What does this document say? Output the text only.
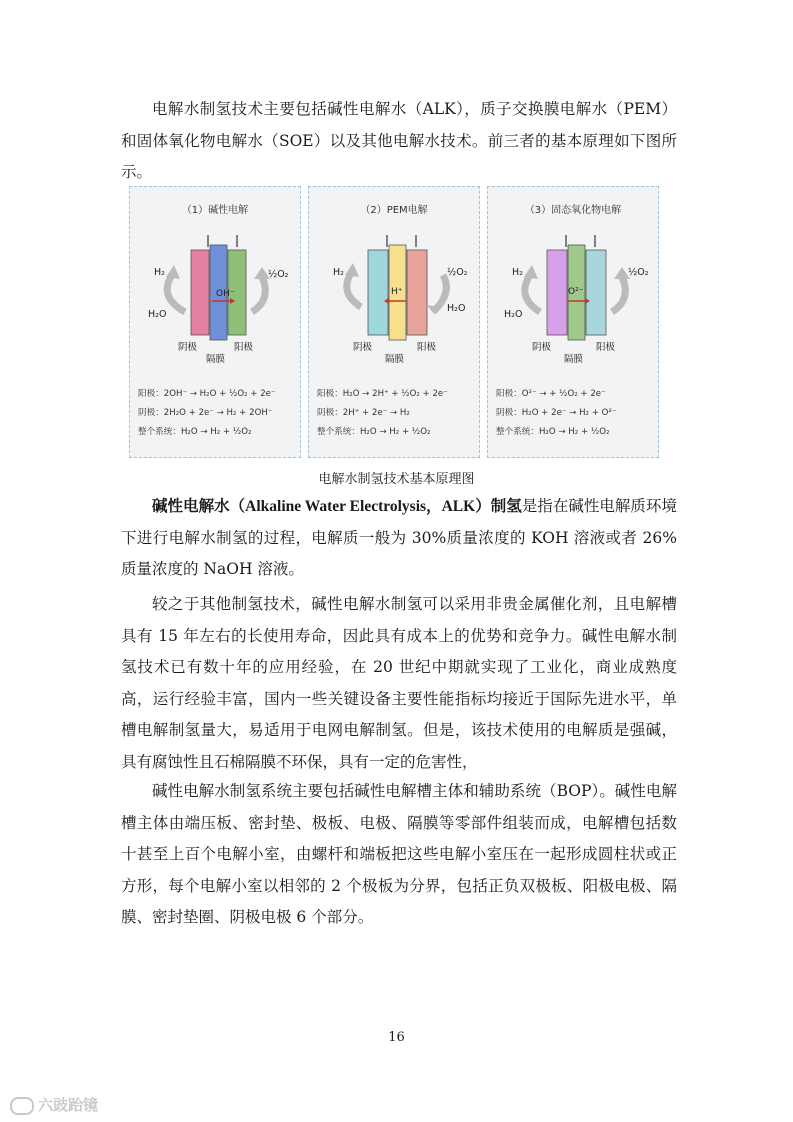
电解水制氢技术主要包括碱性电解水（ALK），质子交换膜电解水（PEM）和固体氧化物电解水（SOE）以及其他电解水技术。前三者的基本原理如下图所示。

（1）碱性电解
OH⁻
H₂
H₂O
½O₂
阴极
隔膜
阳极
阳极：2OH⁻ → H₂O + ½O₂ + 2e⁻
阴极：2H₂O + 2e⁻ → H₂ + 2OH⁻
整个系统：H₂O → H₂ + ½O₂
（2）PEM电解
H⁺
H₂	½O₂
H₂O
阴极
隔膜
阳极
阳极：H₂O → 2H⁺ + ½O₂ + 2e⁻
阴极：2H⁺ + 2e⁻ → H₂
整个系统：H₂O → H₂ + ½O₂
（3）固态氧化物电解
O²⁻
H₂
H₂O
½O₂
阴极
隔膜
阳极
阳极：O²⁻ → + ½O₂ + 2e⁻
阴极：H₂O + 2e⁻ → H₂ + O²⁻
整个系统：H₂O → H₂ + ½O₂
电解水制氢技术基本原理图

碱性电解水（Alkaline Water Electrolysis，ALK）制氢是指在碱性电解质环境下进行电解水制氢的过程，电解质一般为 30%质量浓度的 KOH 溶液或者 26%质量浓度的 NaOH 溶液。

较之于其他制氢技术，碱性电解水制氢可以采用非贵金属催化剂，且电解槽具有 15 年左右的长使用寿命，因此具有成本上的优势和竞争力。碱性电解水制氢技术已有数十年的应用经验，在 20 世纪中期就实现了工业化，商业成熟度高，运行经验丰富，国内一些关键设备主要性能指标均接近于国际先进水平，单槽电解制氢量大，易适用于电网电解制氢。但是，该技术使用的电解质是强碱，具有腐蚀性且石棉隔膜不环保，具有一定的危害性，

碱性电解水制氢系统主要包括碱性电解槽主体和辅助系统（BOP）。碱性电解槽主体由端压板、密封垫、极板、电极、隔膜等零部件组装而成，电解槽包括数十甚至上百个电解小室，由螺杆和端板把这些电解小室压在一起形成圆柱状或正方形，每个电解小室以相邻的 2 个极板为分界，包括正负双极板、阳极电极、隔膜、密封垫圈、阴极电极 6 个部分。

16
六豉跆镜
